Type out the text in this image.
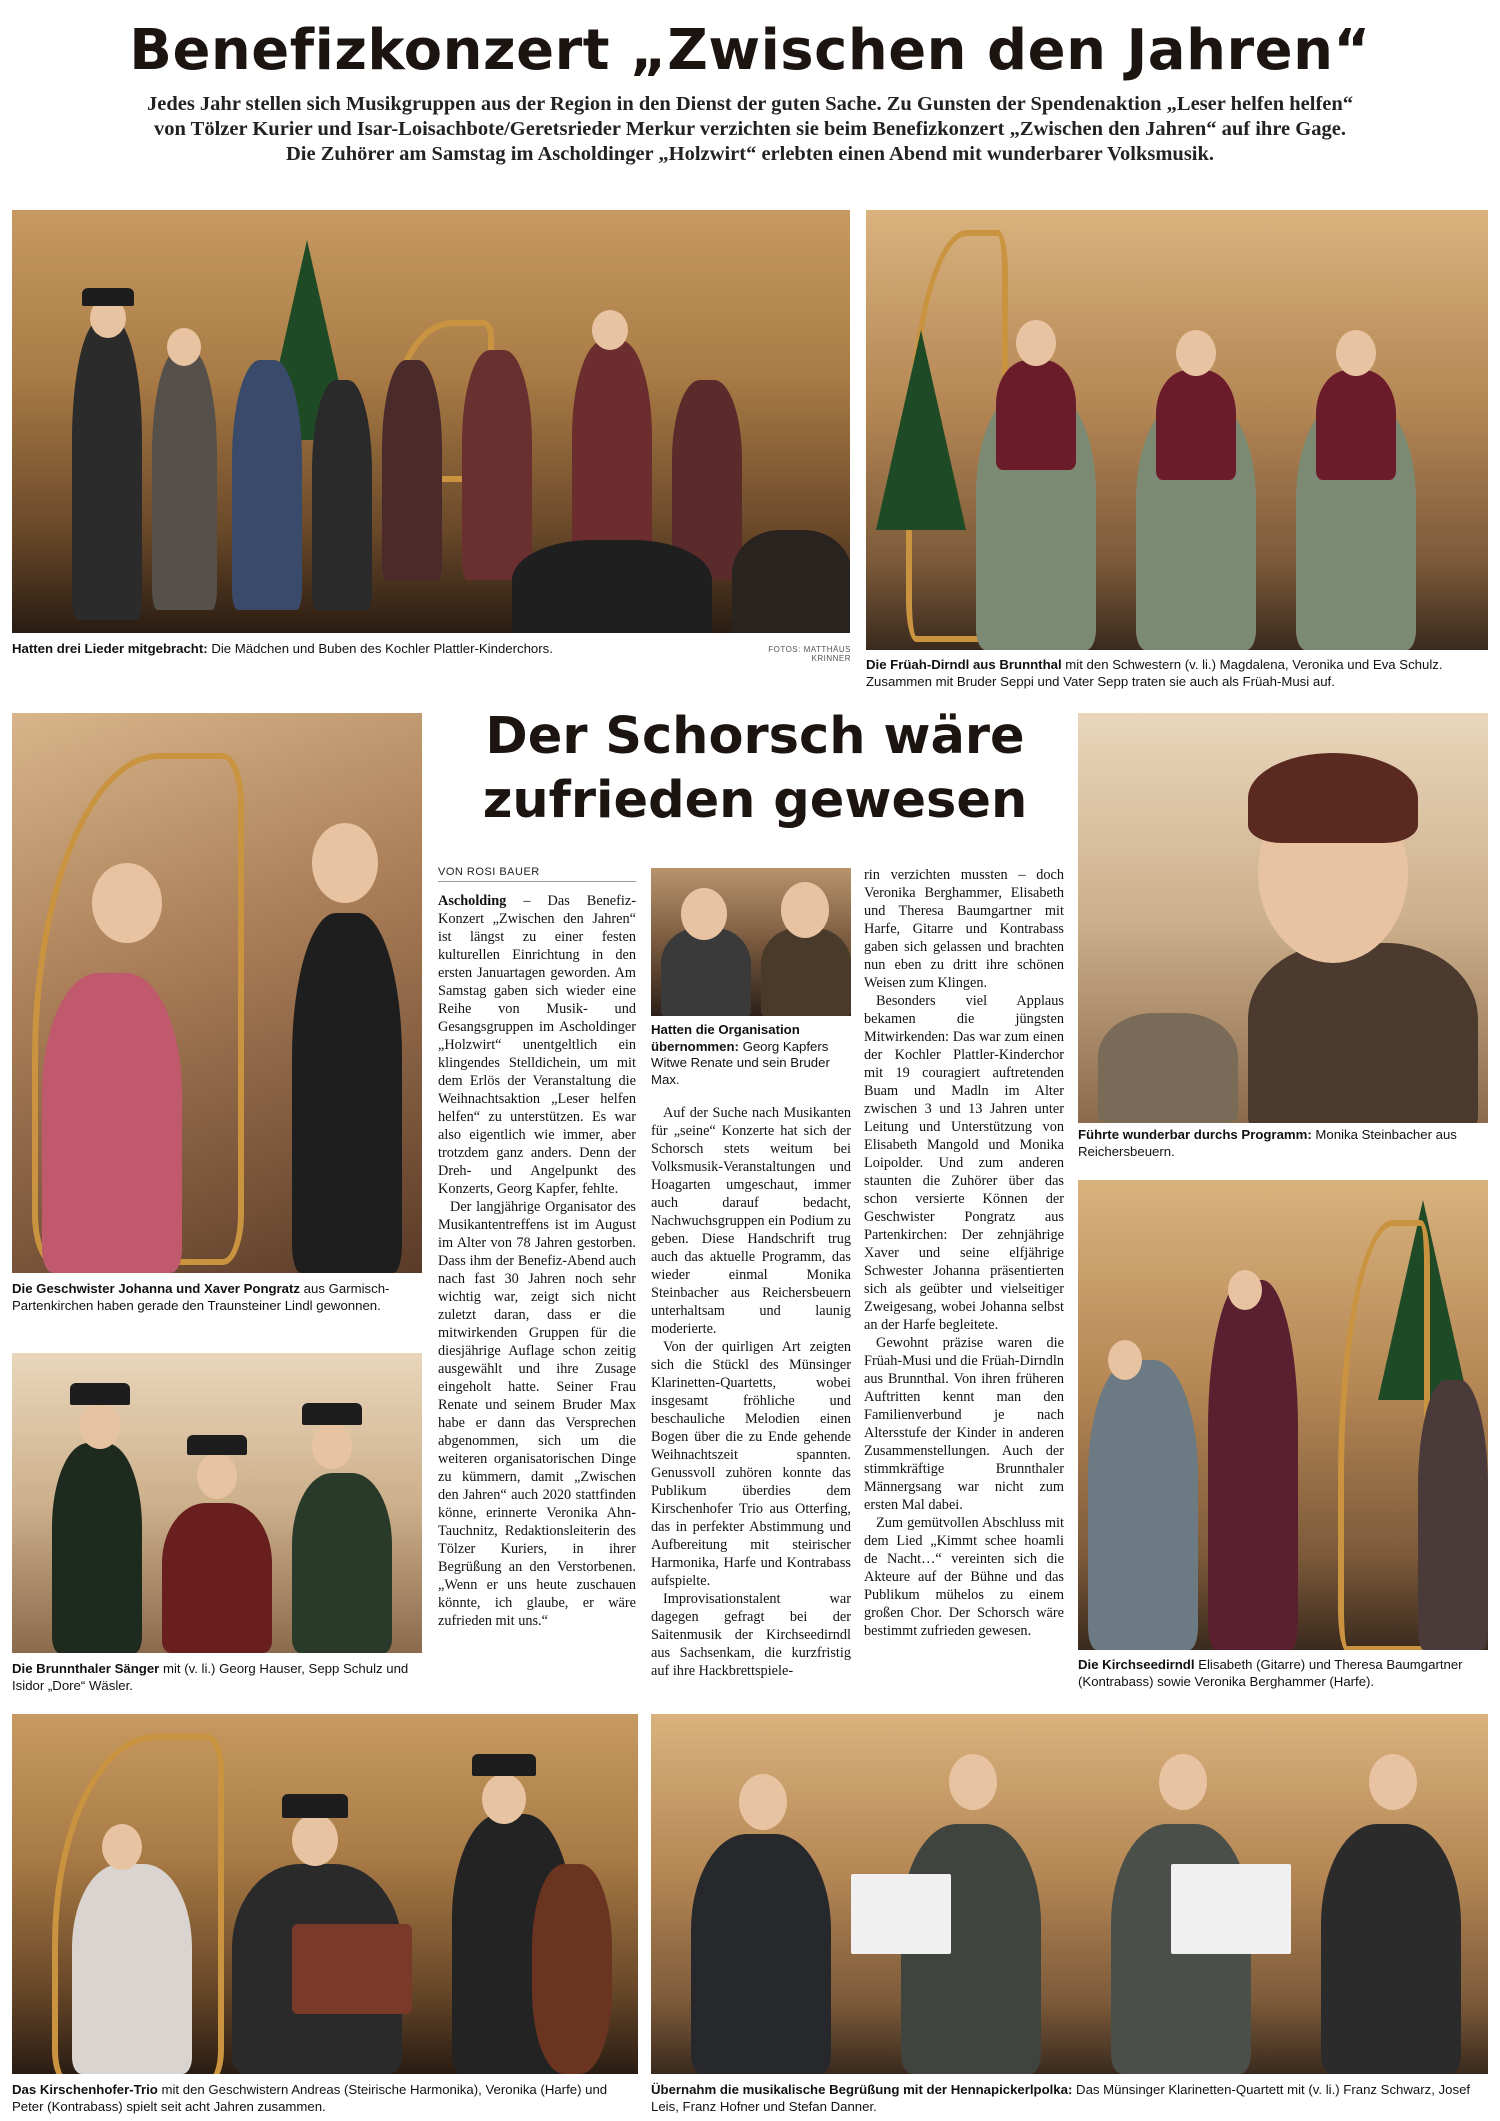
Benefizkonzert „Zwischen den Jahren“
Jedes Jahr stellen sich Musikgruppen aus der Region in den Dienst der guten Sache. Zu Gunsten der Spendenaktion „Leser helfen helfen“
von Tölzer Kurier und Isar-Loisachbote/Geretsrieder Merkur verzichten sie beim Benefizkonzert „Zwischen den Jahren“ auf ihre Gage.
Die Zuhörer am Samstag im Ascholdinger „Holzwirt“ erlebten einen Abend mit wunderbarer Volksmusik.
Hatten drei Lieder mitgebracht: Die Mädchen und Buben des Kochler Plattler-Kinderchors.	FOTOS: MATTHÄUS KRINNER Die Früah-Dirndl aus Brunnthal mit den Schwestern (v. li.) Magdalena, Veronika und Eva Schulz. Zusammen mit Bruder Seppi und Vater Sepp traten sie auch als Früah-Musi auf.
Die Geschwister Johanna und Xaver Pongratz aus Garmisch-Partenkirchen haben gerade den Traunsteiner Lindl gewonnen.
Die Brunnthaler Sänger mit (v. li.) Georg Hauser, Sepp Schulz und Isidor „Dore“ Wäsler.
Der Schorsch wäre
zufrieden gewesen
VON ROSI BAUER

Ascholding – Das Benefiz-Konzert „Zwischen den Jahren“ ist längst zu einer festen kulturellen Einrichtung in den ersten Januartagen geworden. Am Samstag gaben sich wieder eine Reihe von Musik- und Gesangsgruppen im Ascholdinger „Holzwirt“ unentgeltlich ein klingendes Stelldichein, um mit dem Erlös der Veranstaltung die Weihnachtsaktion „Leser helfen helfen“ zu unterstützen. Es war also eigentlich wie immer, aber trotzdem ganz anders. Denn der Dreh- und Angelpunkt des Konzerts, Georg Kapfer, fehlte.

Der langjährige Organisator des Musikantentreffens ist im August im Alter von 78 Jahren gestorben. Dass ihm der Benefiz-Abend auch nach fast 30 Jahren noch sehr wichtig war, zeigt sich nicht zuletzt daran, dass er die mitwirkenden Gruppen für die diesjährige Auflage schon zeitig ausgewählt und ihre Zusage eingeholt hatte. Seiner Frau Renate und seinem Bruder Max habe er dann das Versprechen abgenommen, sich um die weiteren organisatorischen Dinge zu kümmern, damit „Zwischen den Jahren“ auch 2020 stattfinden könne, erinnerte Veronika Ahn-Tauchnitz, Redaktionsleiterin des Tölzer Kuriers, in ihrer Begrüßung an den Verstorbenen. „Wenn er uns heute zuschauen könnte, ich glaube, er wäre zufrieden mit uns.“

Hatten die Organisation übernommen: Georg Kapfers Witwe Renate und sein Bruder Max.

Auf der Suche nach Musikanten für „seine“ Konzerte hat sich der Schorsch stets weitum bei Volksmusik-Veranstaltungen und Hoagarten umgeschaut, immer auch darauf bedacht, Nachwuchsgruppen ein Podium zu geben. Diese Handschrift trug auch das aktuelle Programm, das wieder einmal Monika Steinbacher aus Reichersbeuern unterhaltsam und launig moderierte.

Von der quirligen Art zeigten sich die Stückl des Münsinger Klarinetten-Quartetts, wobei insgesamt fröhliche und beschauliche Melodien einen Bogen über die zu Ende gehende Weihnachtszeit spannten. Genussvoll zuhören konnte das Publikum überdies dem Kirschenhofer Trio aus Otterfing, das in perfekter Abstimmung und Aufbereitung mit steirischer Harmonika, Harfe und Kontrabass aufspielte.

Improvisationstalent war dagegen gefragt bei der Saitenmusik der Kirchseedirndl aus Sachsenkam, die kurzfristig auf ihre Hackbrettspiele-

rin verzichten mussten – doch Veronika Berghammer, Elisabeth und Theresa Baumgartner mit Harfe, Gitarre und Kontrabass gaben sich gelassen und brachten nun eben zu dritt ihre schönen Weisen zum Klingen.

Besonders viel Applaus bekamen die jüngsten Mitwirkenden: Das war zum einen der Kochler Plattler-Kinderchor mit 19 couragiert auftretenden Buam und Madln im Alter zwischen 3 und 13 Jahren unter Leitung und Unterstützung von Elisabeth Mangold und Monika Loipolder. Und zum anderen staunten die Zuhörer über das schon versierte Können der Geschwister Pongratz aus Partenkirchen: Der zehnjährige Xaver und seine elfjährige Schwester Johanna präsentierten sich als geübter und vielseitiger Zweigesang, wobei Johanna selbst an der Harfe begleitete.

Gewohnt präzise waren die Früah-Musi und die Früah-Dirndln aus Brunnthal. Von ihren früheren Auftritten kennt man den Familienverbund je nach Altersstufe der Kinder in anderen Zusammenstellungen. Auch der stimmkräftige Brunnthaler Männergsang war nicht zum ersten Mal dabei.

Zum gemütvollen Abschluss mit dem Lied „Kimmt schee hoamli de Nacht…“ vereinten sich die Akteure auf der Bühne und das Publikum mühelos zu einem großen Chor. Der Schorsch wäre bestimmt zufrieden gewesen.

Führte wunderbar durchs Programm: Monika Steinbacher aus Reichersbeuern.
Die Kirchseedirndl Elisabeth (Gitarre) und Theresa Baumgartner (Kontrabass) sowie Veronika Berghammer (Harfe).
Das Kirschenhofer-Trio mit den Geschwistern Andreas (Steirische Harmonika), Veronika (Harfe) und Peter (Kontrabass) spielt seit acht Jahren zusammen.
Übernahm die musikalische Begrüßung mit der Hennapickerlpolka: Das Münsinger Klarinetten-Quartett mit (v. li.) Franz Schwarz, Josef Leis, Franz Hofner und Stefan Danner.
